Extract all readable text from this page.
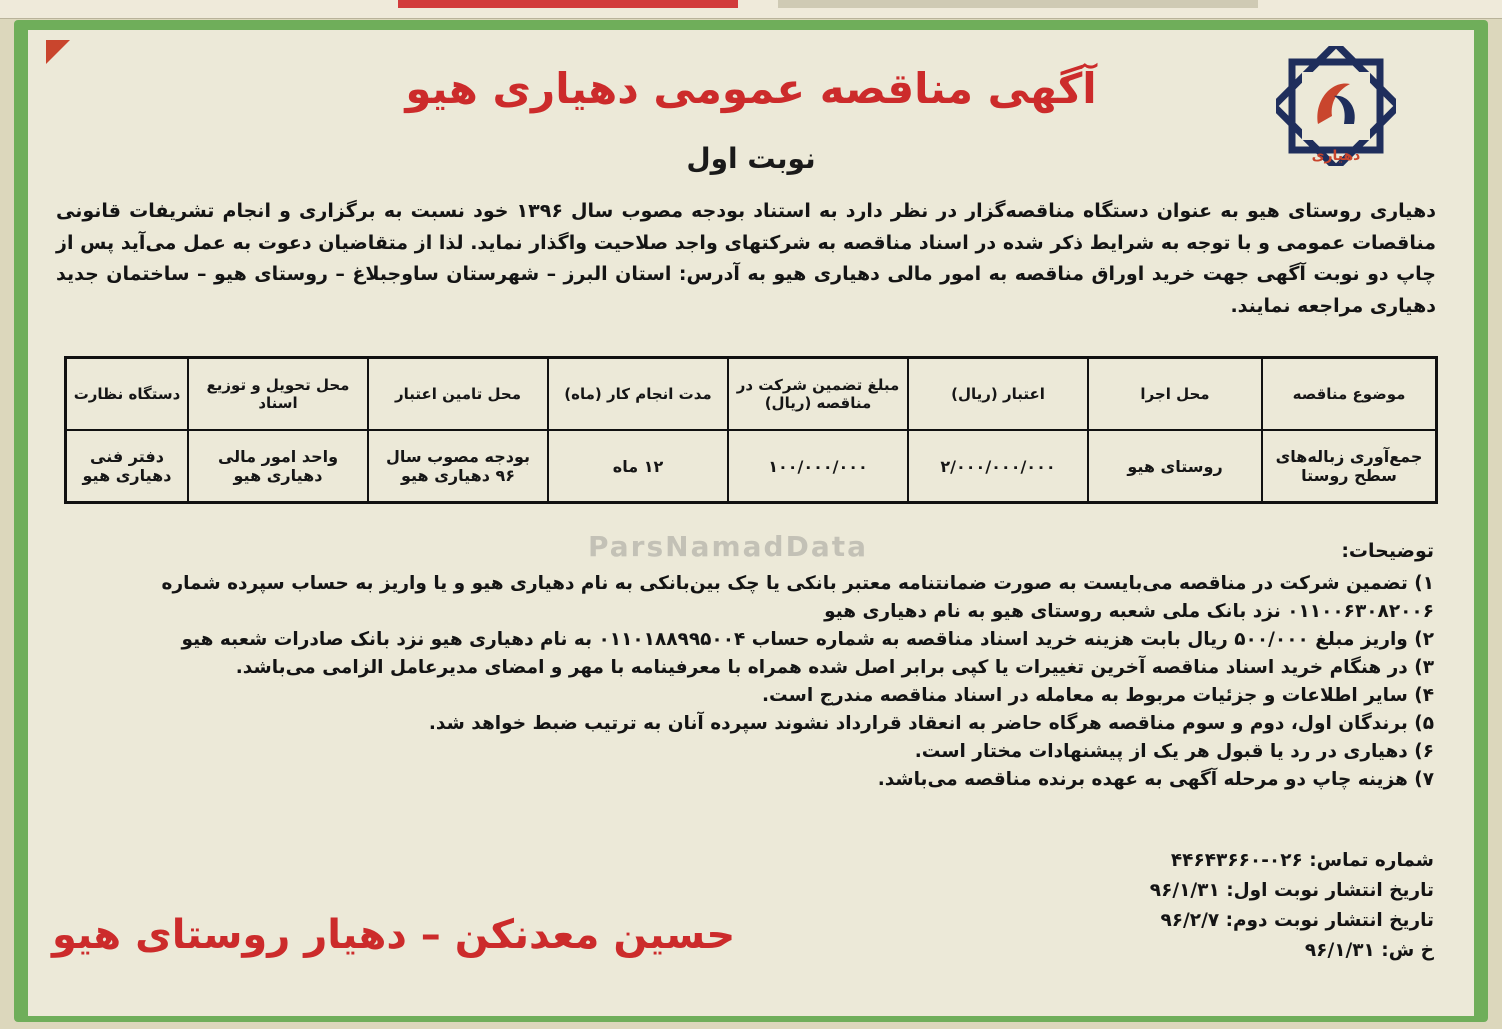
دهیاری
آگهی مناقصه عمومی دهیاری هیو
نوبت اول
دهیاری روستای هیو به عنوان دستگاه مناقصه‌گزار در نظر دارد به استناد بودجه مصوب سال ۱۳۹۶ خود نسبت به برگزاری و انجام تشریفات قانونی مناقصات عمومی و با توجه به شرایط ذکر شده در اسناد مناقصه به شرکتهای واجد صلاحیت واگذار نماید. لذا از متقاضیان دعوت به عمل می‌آید پس از چاپ دو نوبت آگهی جهت خرید اوراق مناقصه به امور مالی دهیاری هیو به آدرس: استان البرز – شهرستان ساوجبلاغ – روستای هیو – ساختمان جدید دهیاری مراجعه نمایند.
موضوع مناقصه	محل اجرا	اعتبار (ریال)	مبلغ تضمین شرکت در مناقصه (ریال)	مدت انجام کار (ماه)	محل تامین اعتبار	محل تحویل و توزیع اسناد	دستگاه نظارت
جمع‌آوری زباله‌های سطح روستا	روستای هیو	۲/۰۰۰/۰۰۰/۰۰۰	۱۰۰/۰۰۰/۰۰۰	۱۲ ماه	بودجه مصوب سال ۹۶ دهیاری هیو	واحد امور مالی دهیاری هیو	دفتر فنی دهیاری هیو
ParsNamadData	توضیحات:
۱) تضمین شرکت در مناقصه می‌بایست به صورت ضمانتنامه معتبر بانکی یا چک بین‌بانکی به نام دهیاری هیو و یا واریز به حساب سپرده شماره ۰۱۱۰۰۶۳۰۸۲۰۰۶ نزد بانک ملی شعبه روستای هیو به نام دهیاری هیو
۲) واریز مبلغ ۵۰۰/۰۰۰ ریال بابت هزینه خرید اسناد مناقصه به شماره حساب ۰۱۱۰۱۸۸۹۹۵۰۰۴ به نام دهیاری هیو نزد بانک صادرات شعبه هیو
۳) در هنگام خرید اسناد مناقصه آخرین تغییرات یا کپی برابر اصل شده همراه با معرفینامه با مهر و امضای مدیرعامل الزامی می‌باشد.
۴) سایر اطلاعات و جزئیات مربوط به معامله در اسناد مناقصه مندرج است.
۵) برندگان اول، دوم و سوم مناقصه هرگاه حاضر به انعقاد قرارداد نشوند سپرده آنان به ترتیب ضبط خواهد شد.
۶) دهیاری در رد یا قبول هر یک از پیشنهادات مختار است.
۷) هزینه چاپ دو مرحله آگهی به عهده برنده مناقصه می‌باشد.
شماره تماس: ۰۲۶-۴۴۶۴۳۶۶۰
تاریخ انتشار نوبت اول: ۹۶/۱/۳۱
تاریخ انتشار نوبت دوم: ۹۶/۲/۷
خ ش: ۹۶/۱/۳۱
حسین معدنکن – دهیار روستای هیو
